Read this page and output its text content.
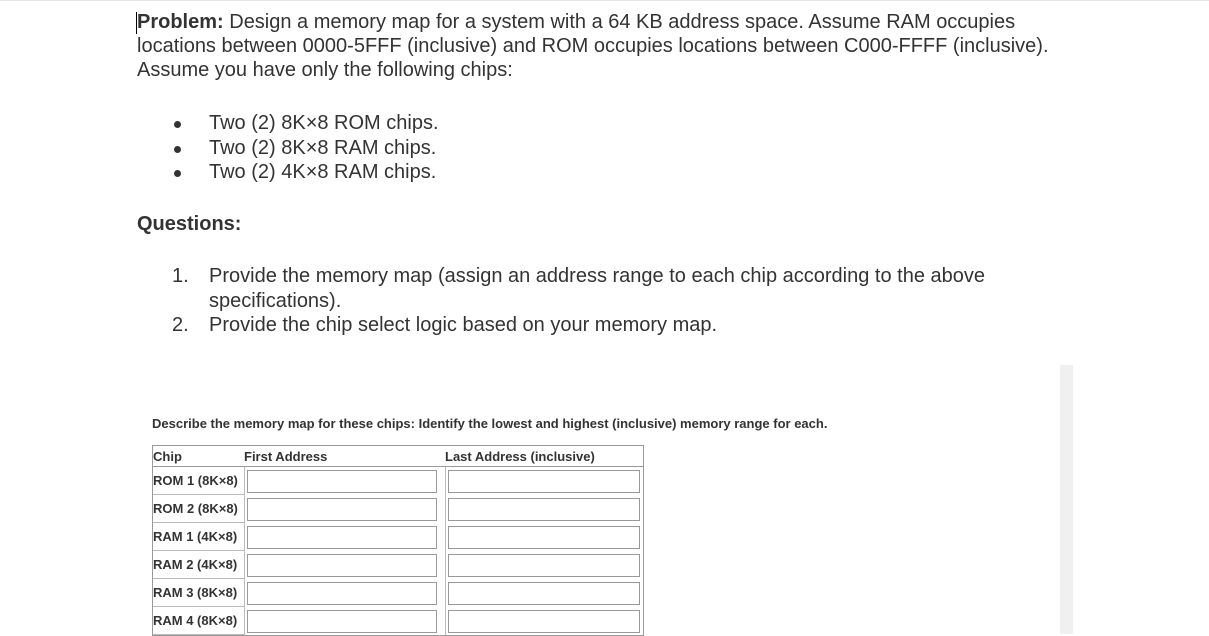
Problem: Design a memory map for a system with a 64 KB address space. Assume RAM occupies locations between 0000-5FFF (inclusive) and ROM occupies locations between C000-FFFF (inclusive). Assume you have only the following chips:

Two (2) 8K×8 ROM chips.
Two (2) 8K×8 RAM chips.
Two (2) 4K×8 RAM chips.

Questions:

1. Provide the memory map (assign an address range to each chip according to the above specifications).
2. Provide the chip select logic based on your memory map.

Describe the memory map for these chips: Identify the lowest and highest (inclusive) memory range for each.

Chip	First Address	Last Address (inclusive)
ROM 1 (8K×8)	

ROM 2 (8K×8)	

RAM 1 (4K×8)	

RAM 2 (4K×8)	

RAM 3 (8K×8)	

RAM 4 (8K×8)	
